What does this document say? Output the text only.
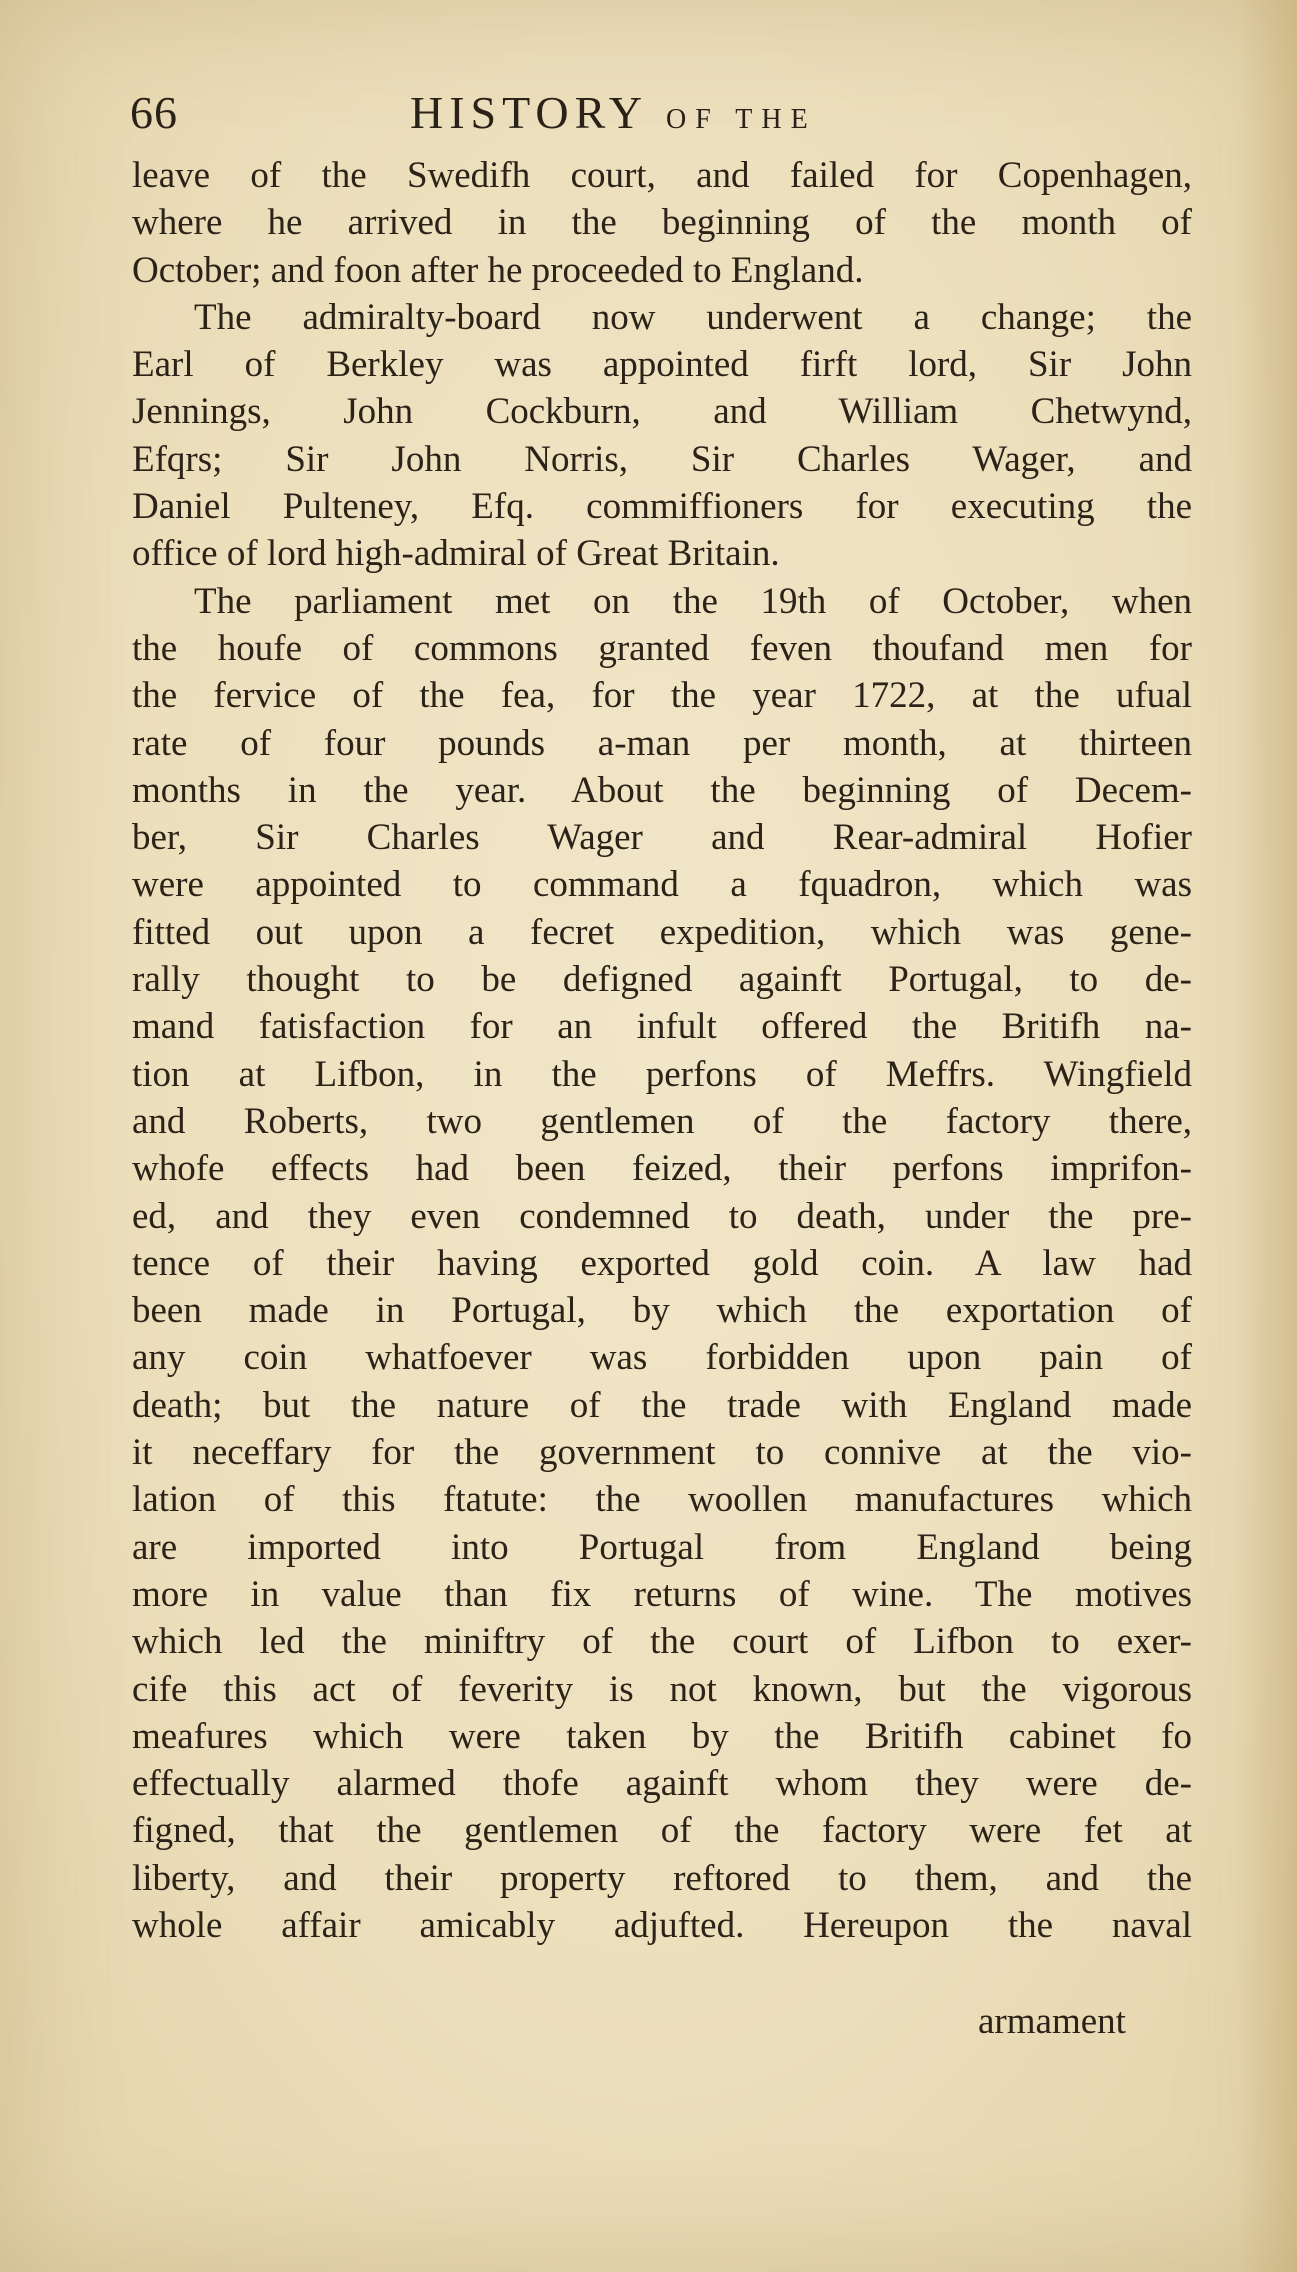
66	HISTORY OF THE
leave of the Swedifh court, and failed for Copenhagen,
where he arrived in the beginning of the month of
October; and foon after he proceeded to England.
The admiralty-board now underwent a change; the
Earl of Berkley was appointed firft lord, Sir John
Jennings, John Cockburn, and William Chetwynd,
Efqrs; Sir John Norris, Sir Charles Wager, and
Daniel Pulteney, Efq. commiffioners for executing the
office of lord high-admiral of Great Britain.
The parliament met on the 19th of October, when
the houfe of commons granted feven thoufand men for
the fervice of the fea, for the year 1722, at the ufual
rate of four pounds a-man per month, at thirteen
months in the year. About the beginning of Decem-
ber, Sir Charles Wager and Rear-admiral Hofier
were appointed to command a fquadron, which was
fitted out upon a fecret expedition, which was gene-
rally thought to be defigned againft Portugal, to de-
mand fatisfaction for an infult offered the Britifh na-
tion at Lifbon, in the perfons of Meffrs. Wingfield
and Roberts, two gentlemen of the factory there,
whofe effects had been feized, their perfons imprifon-
ed, and they even condemned to death, under the pre-
tence of their having exported gold coin. A law had
been made in Portugal, by which the exportation of
any coin whatfoever was forbidden upon pain of
death; but the nature of the trade with England made
it neceffary for the government to connive at the vio-
lation of this ftatute: the woollen manufactures which
are imported into Portugal from England being
more in value than fix returns of wine. The motives
which led the miniftry of the court of Lifbon to exer-
cife this act of feverity is not known, but the vigorous
meafures which were taken by the Britifh cabinet fo
effectually alarmed thofe againft whom they were de-
figned, that the gentlemen of the factory were fet at
liberty, and their property reftored to them, and the
whole affair amicably adjufted. Hereupon the naval
armament
